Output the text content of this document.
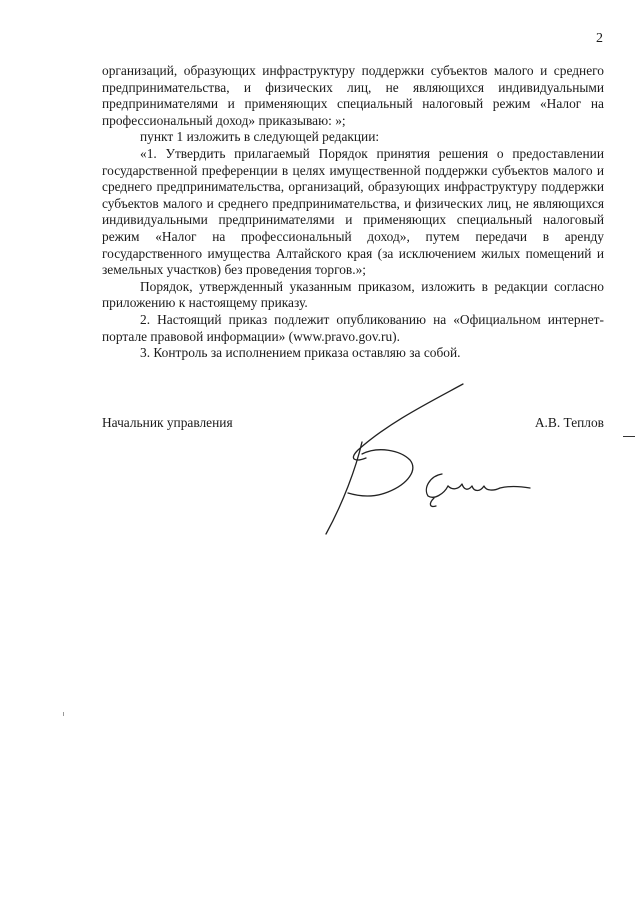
2

организаций, образующих инфраструктуру поддержки субъектов малого и среднего предпринимательства, и физических лиц, не являющихся индивидуальными предпринимателями и применяющих специальный налоговый режим «Налог на профессиональный доход» приказываю: »;

пункт 1 изложить в следующей редакции:

«1. Утвердить прилагаемый Порядок принятия решения о предоставлении государственной преференции в целях имущественной поддержки субъектов малого и среднего предпринимательства, организаций, образующих инфраструктуру поддержки субъектов малого и среднего предпринимательства, и физических лиц, не являющихся индивидуальными предпринимателями и применяющих специальный налоговый режим «Налог на профессиональный доход», путем передачи в аренду государственного имущества Алтайского края (за исключением жилых помещений и земельных участков) без проведения торгов.»;

Порядок, утвержденный указанным приказом, изложить в редакции согласно приложению к настоящему приказу.

2. Настоящий приказ подлежит опубликованию на «Официальном интернет-портале правовой информации» (www.pravo.gov.ru).

3. Контроль за исполнением приказа оставляю за собой.

Начальник управления	А.В. Теплов
